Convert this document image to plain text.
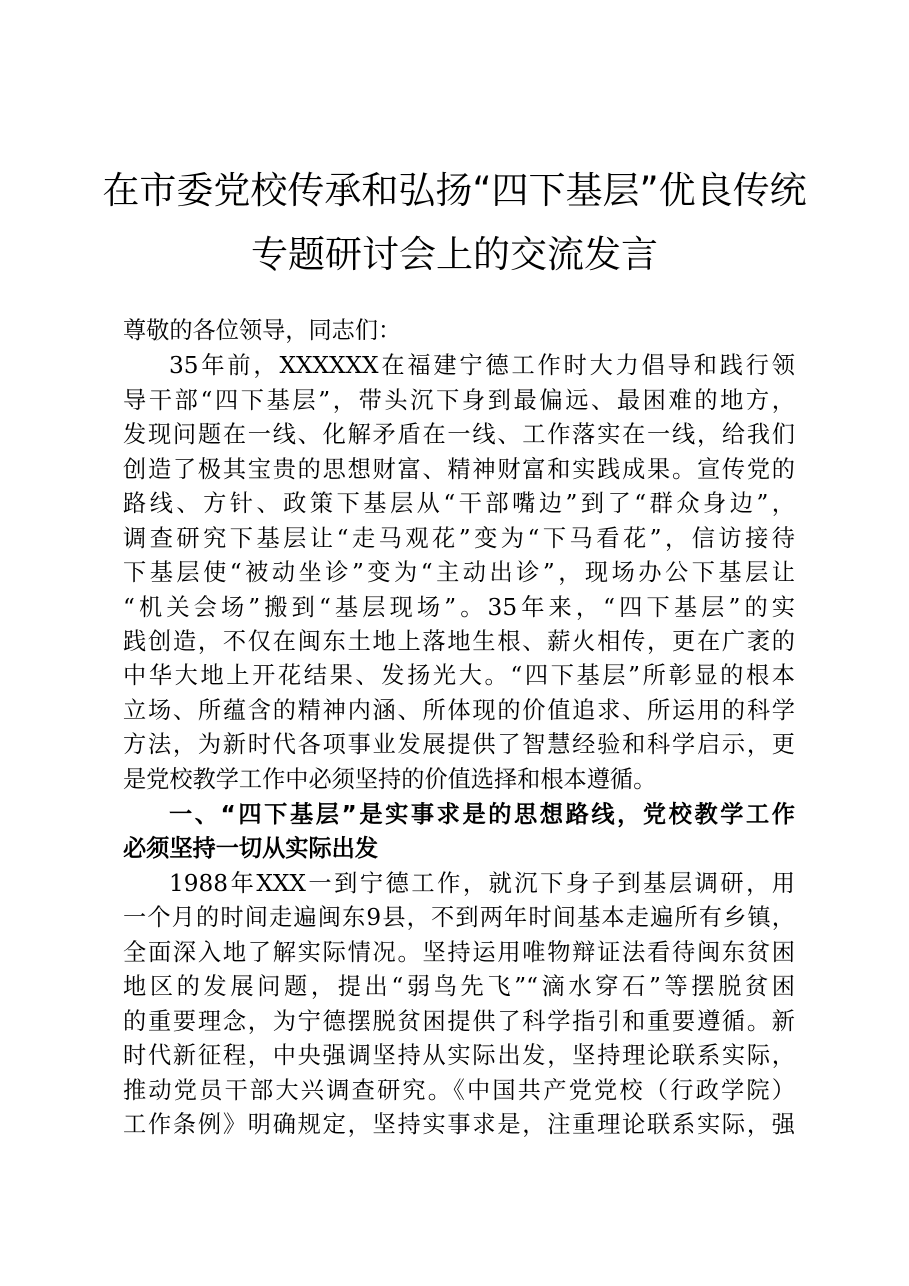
在市委党校传承和弘扬“四下基层”优良传统
专题研讨会上的交流发言
尊敬的各位领导，同志们：
35年前，XXXXXX在福建宁德工作时大力倡导和践行领
导干部“四下基层”，带头沉下身到最偏远、最困难的地方，
发现问题在一线、化解矛盾在一线、工作落实在一线，给我们
创造了极其宝贵的思想财富、精神财富和实践成果。宣传党的
路线、方针、政策下基层从“干部嘴边”到了“群众身边”，
调查研究下基层让“走马观花”变为“下马看花”，信访接待
下基层使“被动坐诊”变为“主动出诊”，现场办公下基层让
“机关会场”搬到“基层现场”。35年来，“四下基层”的实
践创造，不仅在闽东土地上落地生根、薪火相传，更在广袤的
中华大地上开花结果、发扬光大。“四下基层”所彰显的根本
立场、所蕴含的精神内涵、所体现的价值追求、所运用的科学
方法，为新时代各项事业发展提供了智慧经验和科学启示，更
是党校教学工作中必须坚持的价值选择和根本遵循。
一、“四下基层”是实事求是的思想路线，党校教学工作
必须坚持一切从实际出发
1988年XXX一到宁德工作，就沉下身子到基层调研，用
一个月的时间走遍闽东9县，不到两年时间基本走遍所有乡镇，
全面深入地了解实际情况。坚持运用唯物辩证法看待闽东贫困
地区的发展问题，提出“弱鸟先飞”“滴水穿石”等摆脱贫困
的重要理念，为宁德摆脱贫困提供了科学指引和重要遵循。新
时代新征程，中央强调坚持从实际出发，坚持理论联系实际，
推动党员干部大兴调查研究。《中国共产党党校（行政学院）
工作条例》明确规定，坚持实事求是，注重理论联系实际，强
